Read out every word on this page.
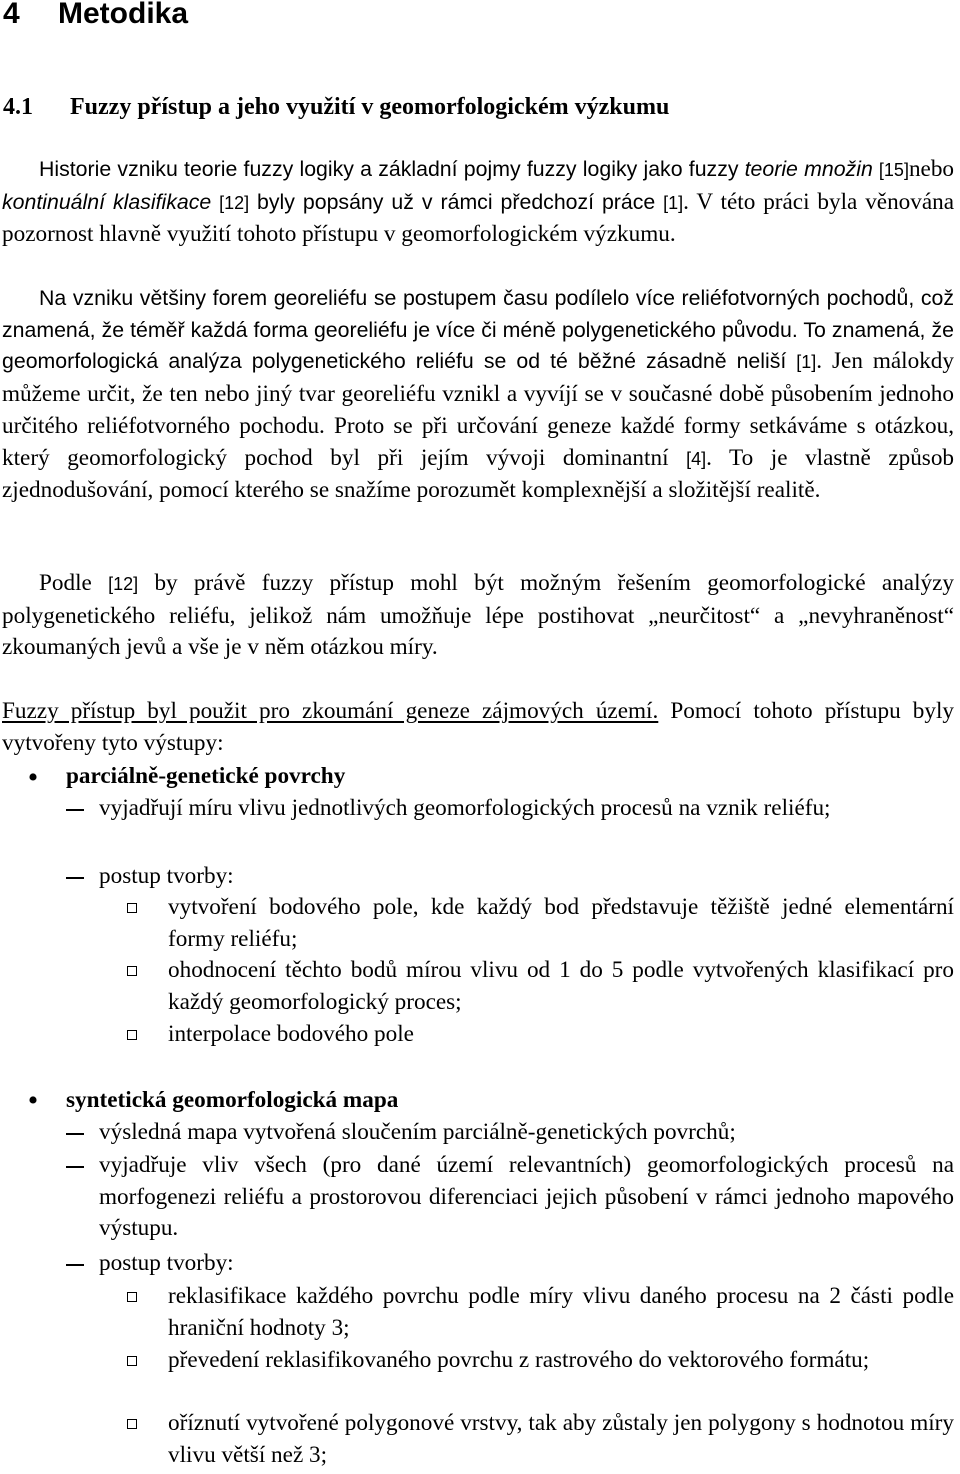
4 Metodika
4.1 Fuzzy přístup a jeho využití v geomorfologickém výzkumu

Historie vzniku teorie fuzzy logiky a základní pojmy fuzzy logiky jako fuzzy teorie množin [15]nebo kontinuální klasifikace [12] byly popsány už v rámci předchozí práce [1]. V této práci byla věnována pozornost hlavně využití tohoto přístupu v geomorfologickém výzkumu.

Na vzniku většiny forem georeliéfu se postupem času podílelo více reliéfotvorných pochodů, což znamená, že téměř každá forma georeliéfu je více či méně polygenetického původu. To znamená, že geomorfologická analýza polygenetického reliéfu se od té běžné zásadně neliší [1]. Jen málokdy můžeme určit, že ten nebo jiný tvar georeliéfu vznikl a vyvíjí se v současné době působením jednoho určitého reliéfotvorného pochodu. Proto se při určování geneze každé formy setkáváme s otázkou, který geomorfologický pochod byl při jejím vývoji dominantní [4]. To je vlastně způsob zjednodušování, pomocí kterého se snažíme porozumět komplexnější a složitější realitě.

Podle [12] by právě fuzzy přístup mohl být možným řešením geomorfologické analýzy polygenetického reliéfu, jelikož nám umožňuje lépe postihovat „neurčitost“ a „nevyhraněnost“ zkoumaných jevů a vše je v něm otázkou míry.

Fuzzy přístup byl použit pro zkoumání geneze zájmových území. Pomocí tohoto přístupu byly vytvořeny tyto výstupy:

• parciálně-genetické povrchy
vyjadřují míru vlivu jednotlivých geomorfologických procesů na vznik reliéfu;
postup tvorby:
vytvoření bodového pole, kde každý bod představuje těžiště jedné elementární formy reliéfu;
ohodnocení těchto bodů mírou vlivu od 1 do 5 podle vytvořených klasifikací pro každý geomorfologický proces;
interpolace bodového pole
• syntetická geomorfologická mapa
výsledná mapa vytvořená sloučením parciálně-genetických povrchů;
vyjadřuje vliv všech (pro dané území relevantních) geomorfologických procesů na morfogenezi reliéfu a prostorovou diferenciaci jejich působení v rámci jednoho mapového výstupu.
postup tvorby:
reklasifikace každého povrchu podle míry vlivu daného procesu na 2 části podle hraniční hodnoty 3;
převedení reklasifikovaného povrchu z rastrového do vektorového formátu;
oříznutí vytvořené polygonové vrstvy, tak aby zůstaly jen polygony s hodnotou míry vlivu větší než 3;
